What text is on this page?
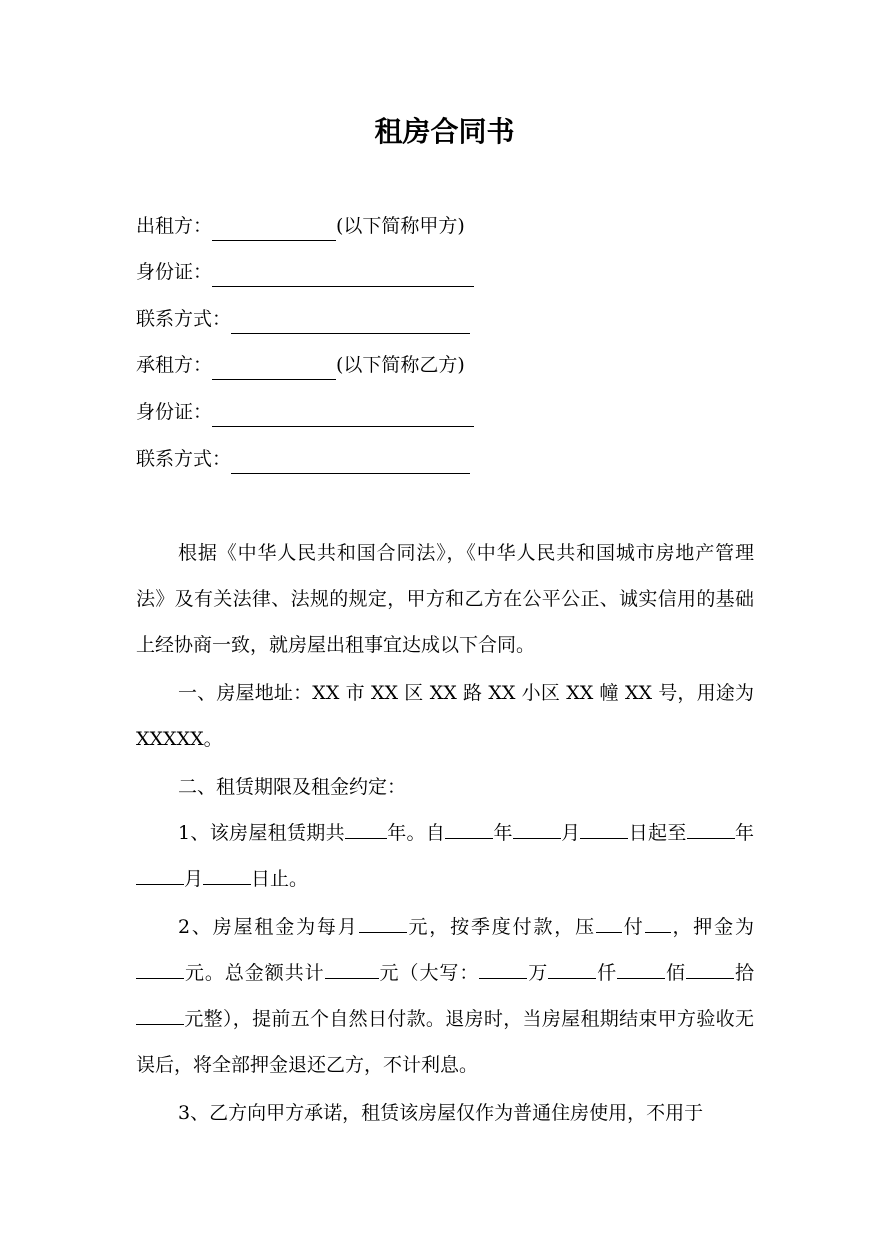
租房合同书
出租方：	(以下简称甲方)
身份证：
联系方式：
承租方：	(以下简称乙方)
身份证：
联系方式：

根据《中华人民共和国合同法》，《中华人民共和国城市房地产管理法》及有关法律、法规的规定，甲方和乙方在公平公正、诚实信用的基础上经协商一致，就房屋出租事宜达成以下合同。

一、房屋地址：XX 市 XX 区 XX 路 XX 小区 XX 幢 XX 号，用途为 XXXXX。

二、租赁期限及租金约定：

1、该房屋租赁期共 年。自	年	月	日起至	年月	日止。

2、房屋租金为每月	元，按季度付款，压 付 ，押金为元。总金额共计	元（大写：	万	仟	佰	拾元整），提前五个自然日付款。退房时，当房屋租期结束甲方验收无误后，将全部押金退还乙方，不计利息。

3、乙方向甲方承诺，租赁该房屋仅作为普通住房使用，不用于
